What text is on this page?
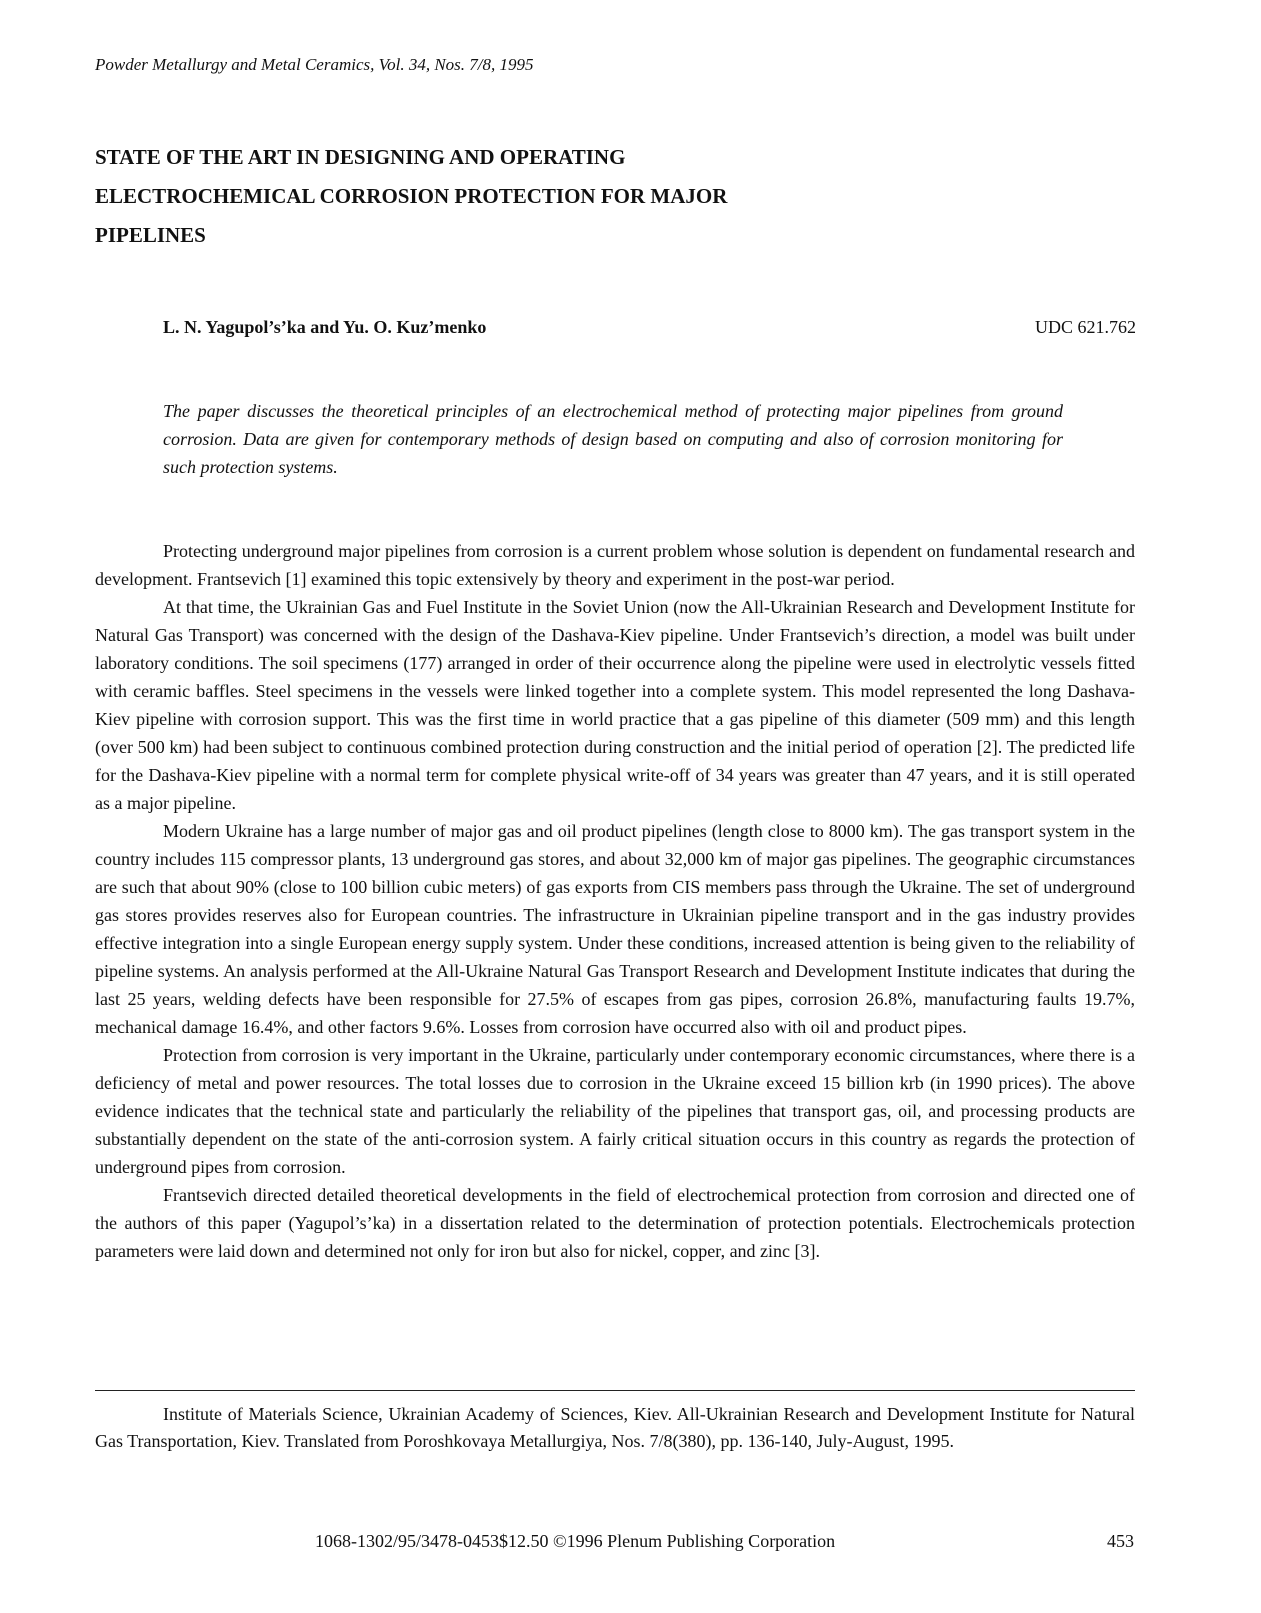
Powder Metallurgy and Metal Ceramics, Vol. 34, Nos. 7/8, 1995
STATE OF THE ART IN DESIGNING AND OPERATING
ELECTROCHEMICAL CORROSION PROTECTION FOR MAJOR
PIPELINES
L. N. Yagupol’s’ka and Yu. O. Kuz’menko	UDC 621.762
The paper discusses the theoretical principles of an electrochemical method of protecting major pipelines from ground corrosion. Data are given for contemporary methods of design based on computing and also of corrosion monitoring for such protection systems.

Protecting underground major pipelines from corrosion is a current problem whose solution is dependent on fundamental research and development. Frantsevich [1] examined this topic extensively by theory and experiment in the post-war period.

At that time, the Ukrainian Gas and Fuel Institute in the Soviet Union (now the All-Ukrainian Research and Development Institute for Natural Gas Transport) was concerned with the design of the Dashava-Kiev pipeline. Under Frantsevich’s direction, a model was built under laboratory conditions. The soil specimens (177) arranged in order of their occurrence along the pipeline were used in electrolytic vessels fitted with ceramic baffles. Steel specimens in the vessels were linked together into a complete system. This model represented the long Dashava-Kiev pipeline with corrosion support. This was the first time in world practice that a gas pipeline of this diameter (509 mm) and this length (over 500 km) had been subject to continuous combined protection during construction and the initial period of operation [2]. The predicted life for the Dashava-Kiev pipeline with a normal term for complete physical write-off of 34 years was greater than 47 years, and it is still operated as a major pipeline.

Modern Ukraine has a large number of major gas and oil product pipelines (length close to 8000 km). The gas transport system in the country includes 115 compressor plants, 13 underground gas stores, and about 32,000 km of major gas pipelines. The geographic circumstances are such that about 90% (close to 100 billion cubic meters) of gas exports from CIS members pass through the Ukraine. The set of underground gas stores provides reserves also for European countries. The infrastructure in Ukrainian pipeline transport and in the gas industry provides effective integration into a single European energy supply system. Under these conditions, increased attention is being given to the reliability of pipeline systems. An analysis performed at the All-Ukraine Natural Gas Transport Research and Development Institute indicates that during the last 25 years, welding defects have been responsible for 27.5% of escapes from gas pipes, corrosion 26.8%, manufacturing faults 19.7%, mechanical damage 16.4%, and other factors 9.6%. Losses from corrosion have occurred also with oil and product pipes.

Protection from corrosion is very important in the Ukraine, particularly under contemporary economic circumstances, where there is a deficiency of metal and power resources. The total losses due to corrosion in the Ukraine exceed 15 billion krb (in 1990 prices). The above evidence indicates that the technical state and particularly the reliability of the pipelines that transport gas, oil, and processing products are substantially dependent on the state of the anti-corrosion system. A fairly critical situation occurs in this country as regards the protection of underground pipes from corrosion.

Frantsevich directed detailed theoretical developments in the field of electrochemical protection from corrosion and directed one of the authors of this paper (Yagupol’s’ka) in a dissertation related to the determination of protection potentials. Electrochemicals protection parameters were laid down and determined not only for iron but also for nickel, copper, and zinc [3].

Institute of Materials Science, Ukrainian Academy of Sciences, Kiev. All-Ukrainian Research and Development Institute for Natural Gas Transportation, Kiev. Translated from Poroshkovaya Metallurgiya, Nos. 7/8(380), pp. 136-140, July-August, 1995.
1068-1302/95/3478-0453$12.50 ©1996 Plenum Publishing Corporation	453
